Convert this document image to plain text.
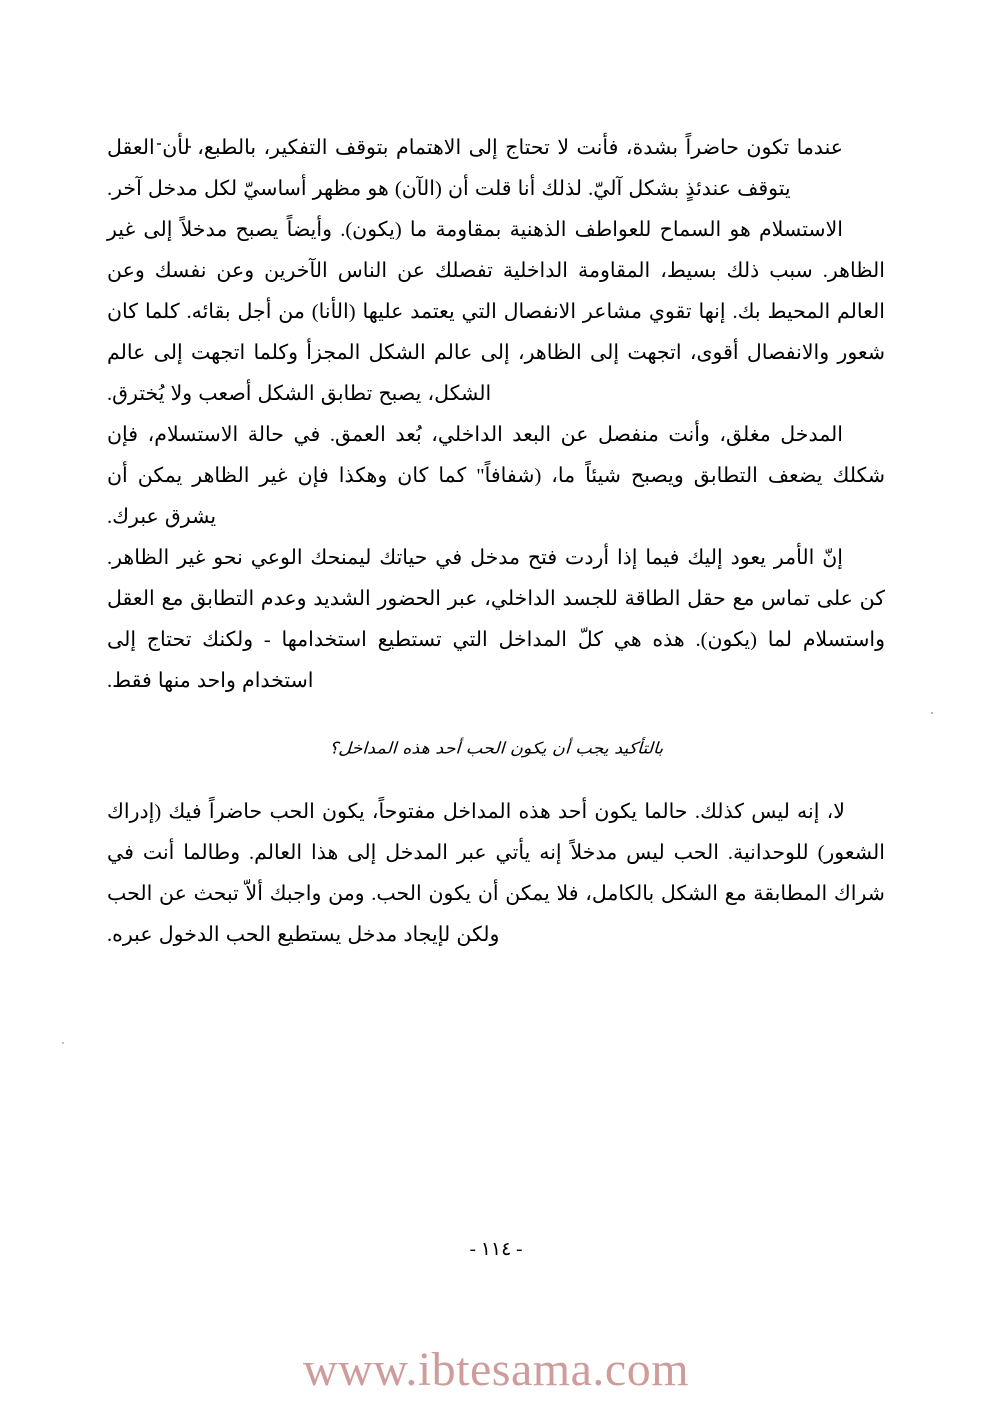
عندما تكون حاضراً بشدة، فأنت لا تحتاج إلى الاهتمام بتوقف التفكير، بالطبع، لأن العقل يتوقف عندئذٍ بشكل آليّ. لذلك أنا قلت أن (الآن) هو مظهر أساسيّ لكل مدخل آخر.

الاستسلام هو السماح للعواطف الذهنية بمقاومة ما (يكون). وأيضاً يصبح مدخلاً إلى غير الظاهر. سبب ذلك بسيط، المقاومة الداخلية تفصلك عن الناس الآخرين وعن نفسك وعن العالم المحيط بك. إنها تقوي مشاعر الانفصال التي يعتمد عليها (الأنا) من أجل بقائه. كلما كان شعور والانفصال أقوى، اتجهت إلى الظاهر، إلى عالم الشكل المجزأ وكلما اتجهت إلى عالم الشكل، يصبح تطابق الشكل أصعب ولا يُخترق.

المدخل مغلق، وأنت منفصل عن البعد الداخلي، بُعد العمق. في حالة الاستسلام، فإن شكلك يضعف التطابق ويصبح شيئاً ما، (شفافاً" كما كان وهكذا فإن غير الظاهر يمكن أن يشرق عبرك.

إنّ الأمر يعود إليك فيما إذا أردت فتح مدخل في حياتك ليمنحك الوعي نحو غير الظاهر. كن على تماس مع حقل الطاقة للجسد الداخلي، عبر الحضور الشديد وعدم التطابق مع العقل واستسلام لما (يكون). هذه هي كلّ المداخل التي تستطيع استخدامها - ولكنك تحتاج إلى استخدام واحد منها فقط.

بالتأكيد يجب أن يكون الحب أحد هذه المداخل؟

لا، إنه ليس كذلك. حالما يكون أحد هذه المداخل مفتوحاً، يكون الحب حاضراً فيك (إدراك الشعور) للوحدانية. الحب ليس مدخلاً إنه يأتي عبر المدخل إلى هذا العالم. وطالما أنت في شراك المطابقة مع الشكل بالكامل، فلا يمكن أن يكون الحب. ومن واجبك ألاّ تبحث عن الحب ولكن لإيجاد مدخل يستطيع الحب الدخول عبره.

- ١١٤ -
www.ibtesama.com
